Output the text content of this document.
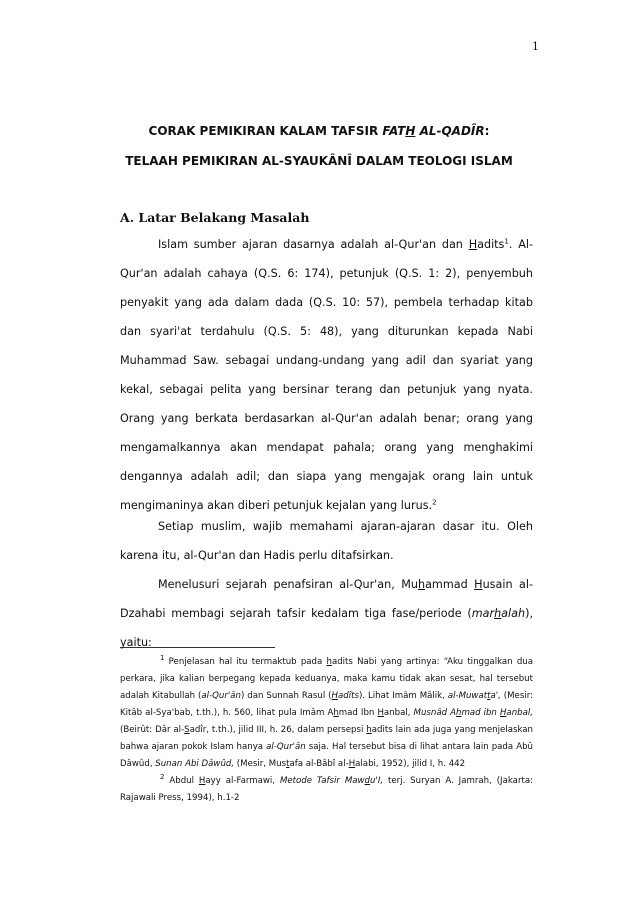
1
CORAK PEMIKIRAN KALAM TAFSIR FATH AL-QADÎR:
TELAAH PEMIKIRAN AL-SYAUKÂNÎ DALAM TEOLOGI ISLAM
A. Latar Belakang Masalah

Islam sumber ajaran dasarnya adalah al-Qur'an dan Hadits$^1$. Al-Qur'an adalah cahaya (Q.S. 6: 174), petunjuk (Q.S. 1: 2), penyembuh penyakit yang ada dalam dada (Q.S. 10: 57), pembela terhadap kitab dan syari'at terdahulu (Q.S. 5: 48), yang diturunkan kepada Nabi Muhammad Saw. sebagai undang-undang yang adil dan syariat yang kekal, sebagai pelita yang bersinar terang dan petunjuk yang nyata. Orang yang berkata berdasarkan al-Qur'an adalah benar; orang yang mengamalkannya akan mendapat pahala; orang yang menghakimi dengannya adalah adil; dan siapa yang mengajak orang lain untuk mengimaninya akan diberi petunjuk kejalan yang lurus.$^2$

Setiap muslim, wajib memahami ajaran-ajaran dasar itu. Oleh karena itu, al-Qur'an dan Hadis perlu ditafsirkan.

Menelusuri sejarah penafsiran al-Qur'an, Muhammad Husain al-Dzahabi membagi sejarah tafsir kedalam tiga fase/periode (marhalah), yaitu:

$^1$ Penjelasan hal itu termaktub pada hadits Nabi yang artinya: “Aku tinggalkan dua perkara, jika kalian berpegang kepada keduanya, maka kamu tidak akan sesat, hal tersebut adalah Kitabullah (al-Qur'ân) dan Sunnah Rasul (Hadîts). Lihat Imâm Mâlik, al-Muwatta', (Mesir: Kitâb al-Sya'bab, t.th.), h. 560, lihat pula Imâm Ahmad Ibn Hanbal, Musnâd Ahmad ibn Hanbal, (Beirût: Dâr al-Sadîr, t.th.), jilid III, h. 26, dalam persepsi hadits lain ada juga yang menjelaskan bahwa ajaran pokok Islam hanya al-Qur'ân saja. Hal tersebut bisa di lihat antara lain pada Abû Dâwûd, Sunan Abi Dâwûd, (Mesir, Mustafa al-Bâbî al-Halabi, 1952), jilid I, h. 442

$^2$ Abdul Hayy al-Farmawi, Metode Tafsir Mawdu'I, terj. Suryan A. Jamrah, (Jakarta: Rajawali Press, 1994), h.1-2
